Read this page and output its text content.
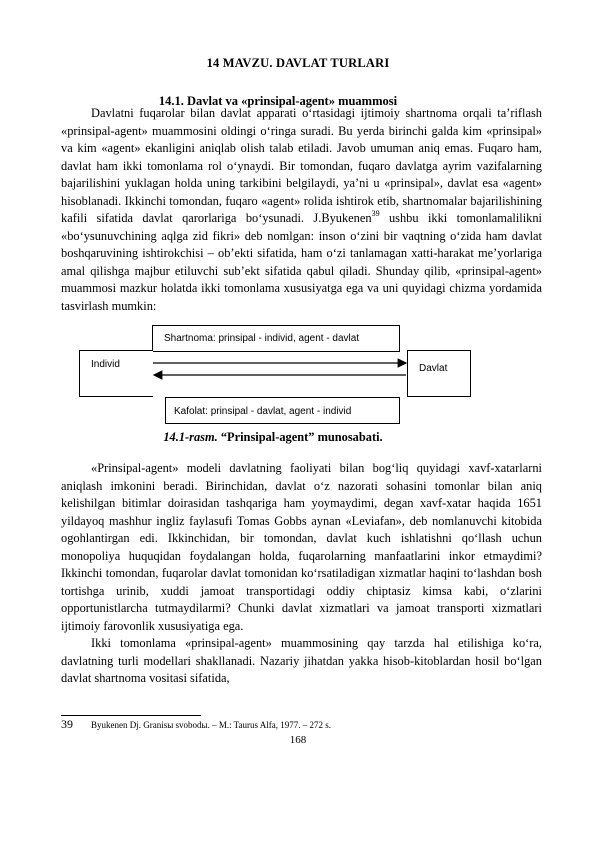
14 MAVZU. DAVLAT TURLARI
14.1. Davlat va «prinsipal-agent» muammosi

Davlatni fuqarolar bilan davlat apparati o‘rtasidagi ijtimoiy shartnoma orqali ta’riflash «prinsipal-agent» muammosini oldingi o‘ringa suradi. Bu yerda birinchi galda kim «prinsipal» va kim «agent» ekanligini aniqlab olish talab etiladi. Javob umuman aniq emas. Fuqaro ham, davlat ham ikki tomonlama rol o‘ynaydi. Bir tomondan, fuqaro davlatga ayrim vazifalarning bajarilishini yuklagan holda uning tarkibini belgilaydi, ya’ni u «prinsipal», davlat esa «agent» hisoblanadi. Ikkinchi tomondan, fuqaro «agent» rolida ishtirok etib, shartnomalar bajarilishining kafili sifatida davlat qarorlariga bo‘ysunadi. J.Byukenen$^{39}$ ushbu ikki tomonlamalilikni «bo‘ysunuvchining aqlga zid fikri» deb nomlgan: inson o‘zini bir vaqtning o‘zida ham davlat boshqaruvining ishtirokchisi – ob’ekti sifatida, ham o‘zi tanlamagan xatti-harakat me’yorlariga amal qilishga majbur etiluvchi sub’ekt sifatida qabul qiladi. Shunday qilib, «prinsipal-agent» muammosi mazkur holatda ikki tomonlama xususiyatga ega va uni quyidagi chizma yordamida tasvirlash mumkin:

Shartnoma: prinsipal - individ, agent - davlat
Individ	Davlat
Kafolat: prinsipal - davlat, agent - individ
14.1-rasm. “Prinsipal-agent” munosabati.

«Prinsipal-agent» modeli davlatning faoliyati bilan bog‘liq quyidagi xavf-xatarlarni aniqlash imkonini beradi. Birinchidan, davlat o‘z nazorati sohasini tomonlar bilan aniq kelishilgan bitimlar doirasidan tashqariga ham yoymaydimi, degan xavf-xatar haqida 1651 yildayoq mashhur ingliz faylasufi Tomas Gobbs aynan «Leviafan», deb nomlanuvchi kitobida ogohlantirgan edi. Ikkinchidan, bir tomondan, davlat kuch ishlatishni qo‘llash uchun monopoliya huquqidan foydalangan holda, fuqarolarning manfaatlarini inkor etmaydimi? Ikkinchi tomondan, fuqarolar davlat tomonidan ko‘rsatiladigan xizmatlar haqini to‘lashdan bosh tortishga urinib, xuddi jamoat transportidagi oddiy chiptasiz kimsa kabi, o‘zlarini opportunistlarcha tutmaydilarmi? Chunki davlat xizmatlari va jamoat transporti xizmatlari ijtimoiy farovonlik xususiyatiga ega.

Ikki tomonlama «prinsipal-agent» muammosining qay tarzda hal etilishiga ko‘ra, davlatning turli modellari shakllanadi. Nazariy jihatdan yakka hisob-kitoblardan hosil bo‘lgan davlat shartnoma vositasi sifatida,

39 Byukenen Dj. Granisы svobodы. – M.: Taurus Alfa, 1977. – 272 s.
168
